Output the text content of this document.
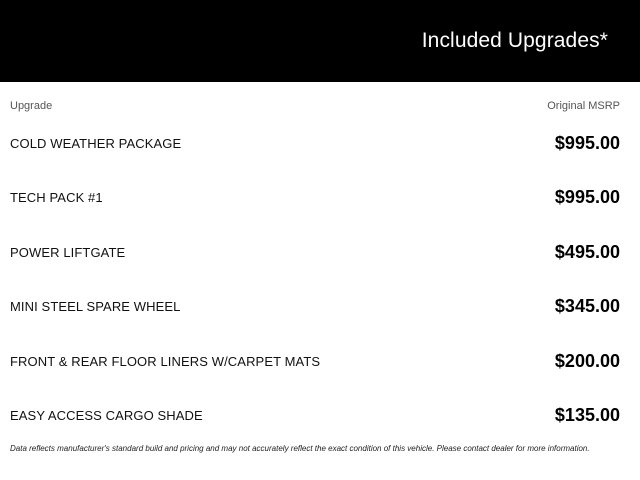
Included Upgrades*
Upgrade	Original MSRP
COLD WEATHER PACKAGE	$995.00
TECH PACK #1	$995.00
POWER LIFTGATE	$495.00
MINI STEEL SPARE WHEEL	$345.00
FRONT & REAR FLOOR LINERS W/CARPET MATS	$200.00
EASY ACCESS CARGO SHADE	$135.00
Data reflects manufacturer's standard build and pricing and may not accurately reflect the exact condition of this vehicle. Please contact dealer for more information.
